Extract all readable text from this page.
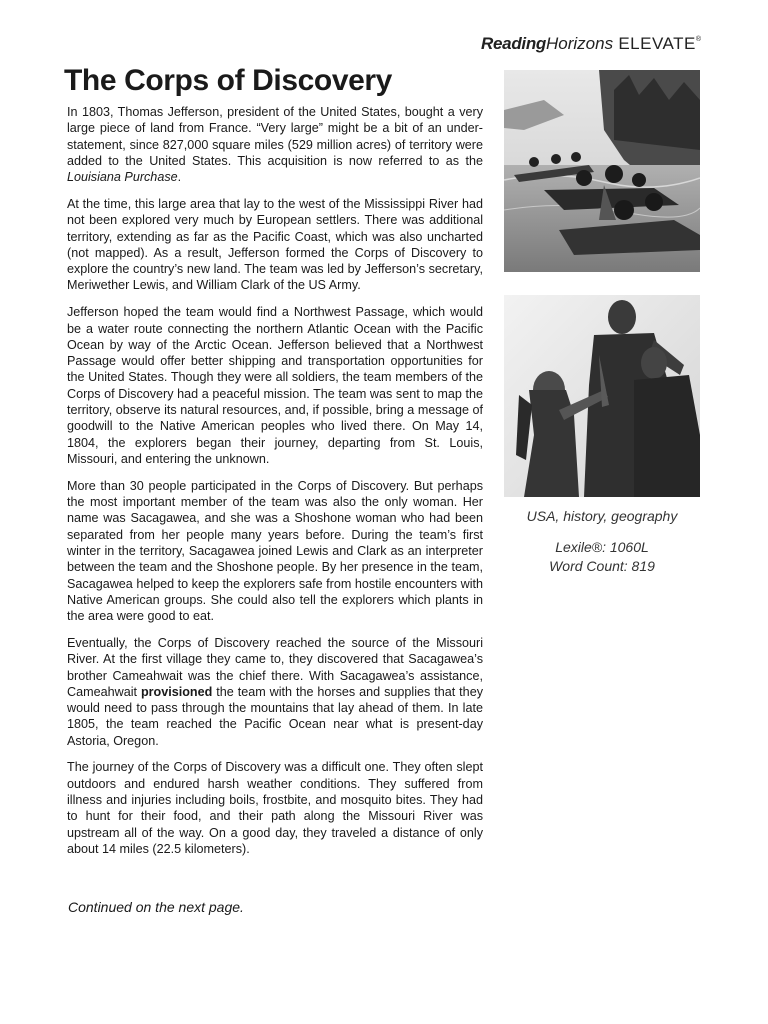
ReadingHorizons ELEVATE®
The Corps of Discovery

In 1803, Thomas Jefferson, president of the United States, bought a very large piece of land from France. “Very large” might be a bit of an under-statement, since 827,000 square miles (529 million acres) of territory were added to the United States. This acquisition is now referred to as the Louisiana Purchase.

At the time, this large area that lay to the west of the Mississippi River had not been explored very much by European settlers. There was additional territory, extending as far as the Pacific Coast, which was also uncharted (not mapped). As a result, Jefferson formed the Corps of Discovery to explore the country’s new land. The team was led by Jefferson’s secretary, Meriwether Lewis, and William Clark of the US Army.

Jefferson hoped the team would find a Northwest Passage, which would be a water route connecting the northern Atlantic Ocean with the Pacific Ocean by way of the Arctic Ocean. Jefferson believed that a Northwest Passage would offer better shipping and transportation opportunities for the United States. Though they were all soldiers, the team members of the Corps of Discovery had a peaceful mission. The team was sent to map the territory, observe its natural resources, and, if possible, bring a message of goodwill to the Native American peoples who lived there. On May 14, 1804, the explorers began their journey, departing from St. Louis, Missouri, and entering the unknown.

More than 30 people participated in the Corps of Discovery. But perhaps the most important member of the team was also the only woman. Her name was Sacagawea, and she was a Shoshone woman who had been separated from her people many years before. During the team’s first winter in the territory, Sacagawea joined Lewis and Clark as an interpreter between the team and the Shoshone people. By her presence in the team, Sacagawea helped to keep the explorers safe from hostile encounters with Native American groups. She could also tell the explorers which plants in the area were good to eat.

Eventually, the Corps of Discovery reached the source of the Missouri River. At the first village they came to, they discovered that Sacagawea’s brother Cameahwait was the chief there. With Sacagawea’s assistance, Cameahwait provisioned the team with the horses and supplies that they would need to pass through the mountains that lay ahead of them. In late 1805, the team reached the Pacific Ocean near what is present-day Astoria, Oregon.

The journey of the Corps of Discovery was a difficult one. They often slept outdoors and endured harsh weather conditions. They suffered from illness and injuries including boils, frostbite, and mosquito bites. They had to hunt for their food, and their path along the Missouri River was upstream all of the way. On a good day, they traveled a distance of only about 14 miles (22.5 kilometers).

Continued on the next page.
USA, history, geography
Lexile®: 1060L
Word Count: 819
